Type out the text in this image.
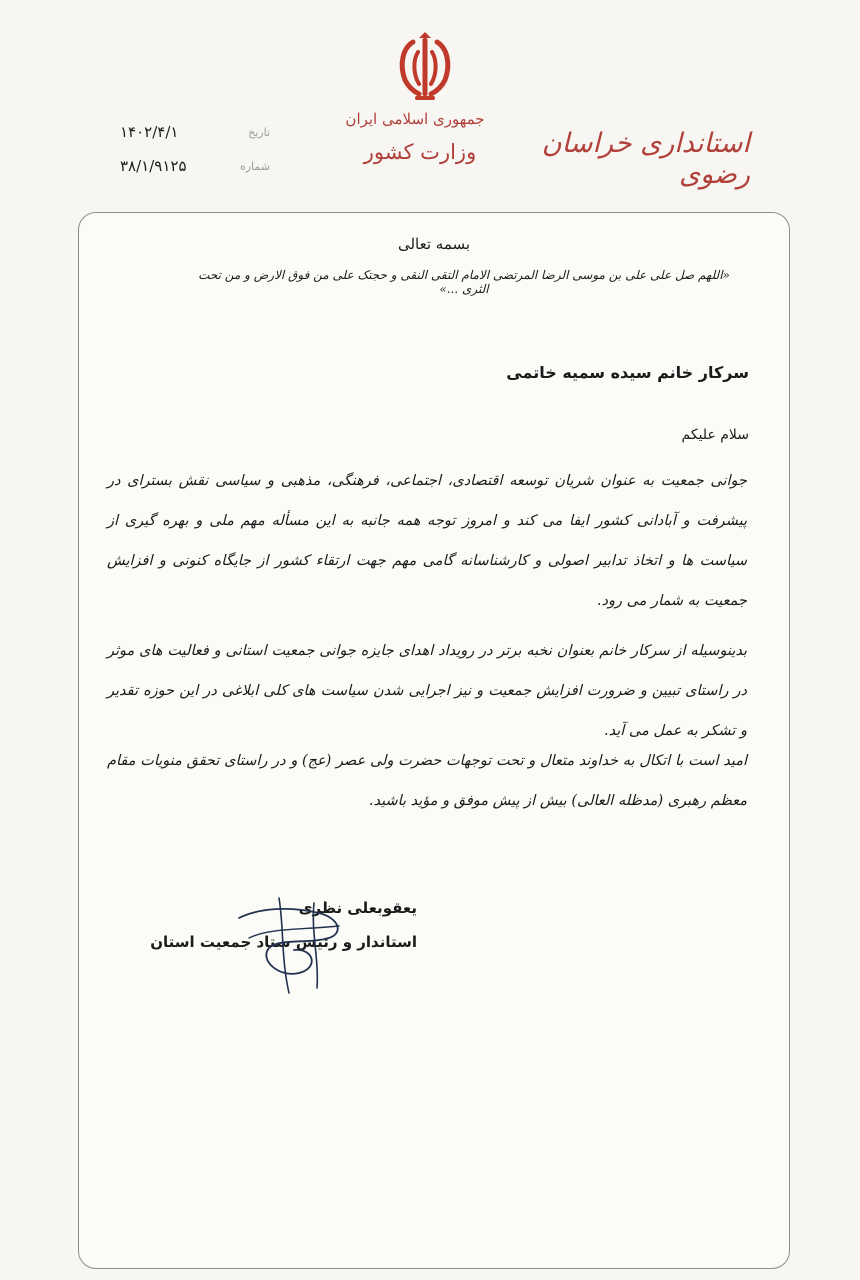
جمهوری اسلامی ایران
وزارت کشور	استانداری خراسان رضوی
تاریخ
۱۴۰۲/۴/۱
شماره
۳۸/۱/۹۱۲۵
بسمه تعالی
«اللهم صل علی علی بن موسی الرضا المرتضی الامام التقی النقی و حجتک علی من فوق الارض و من تحت الثری ...»
سرکار خانم سیده سمیه خاتمی
سلام علیکم
جوانی جمعیت به عنوان شریان توسعه اقتصادی، اجتماعی، فرهنگی، مذهبی و سیاسی نقش بسترای در پیشرفت و آبادانی کشور ایفا می کند و امروز توجه همه جانبه به این مسأله مهم ملی و بهره گیری از سیاست ها و اتخاذ تدابیر اصولی و کارشناسانه گامی مهم جهت ارتقاء کشور از جایگاه کنونی و افزایش جمعیت به شمار می رود.
بدینوسیله از سرکار خانم بعنوان نخبه برتر در رویداد اهدای جایزه جوانی جمعیت استانی و فعالیت های موثر در راستای تبیین و ضرورت افزایش جمعیت و نیز اجرایی شدن سیاست های کلی ابلاغی در این حوزه تقدیر و تشکر به عمل می آید.
امید است با اتکال به خداوند متعال و تحت توجهات حضرت ولی عصر (عج) و در راستای تحقق منویات مقام معظم رهبری (مدظله العالی) بیش از پیش موفق و مؤید باشید.
یعقوبعلی نظری
استاندار و رئیس ستاد جمعیت استان
